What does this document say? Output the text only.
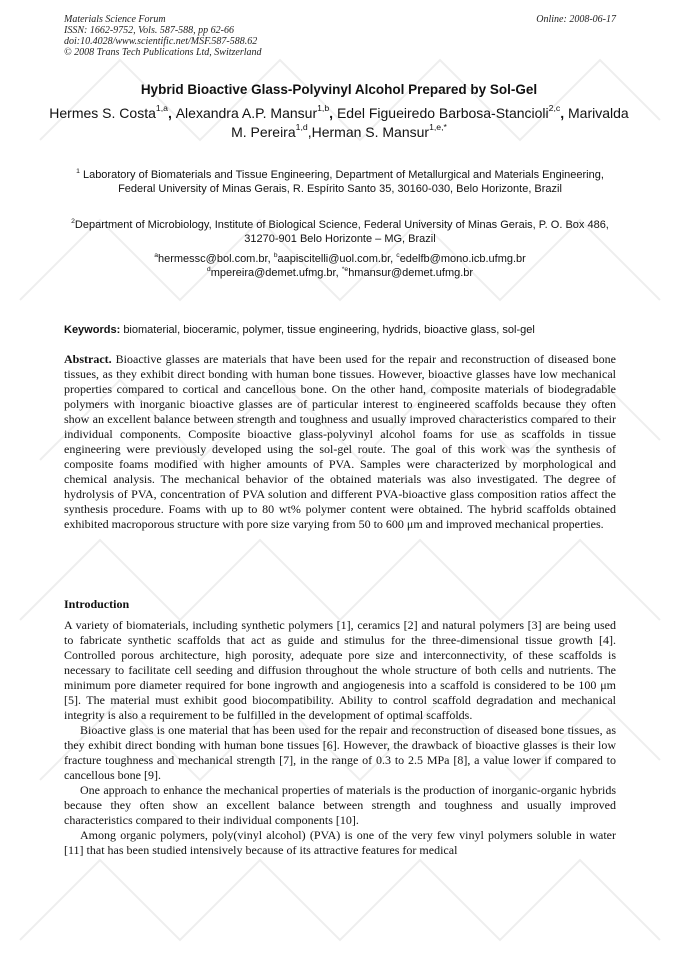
Materials Science Forum
ISSN: 1662-9752, Vols. 587-588, pp 62-66
doi:10.4028/www.scientific.net/MSF.587-588.62
© 2008 Trans Tech Publications Ltd, Switzerland
Online: 2008-06-17
Hybrid Bioactive Glass-Polyvinyl Alcohol Prepared by Sol-Gel
Hermes S. Costa$^{1,a}$, Alexandra A.P. Mansur$^{1,b}$, Edel Figueiredo Barbosa-Stancioli$^{2,c}$, Marivalda M. Pereira$^{1,d}$,Herman S. Mansur$^{1,e,*}$
$^1$ Laboratory of Biomaterials and Tissue Engineering, Department of Metallurgical and Materials Engineering, Federal University of Minas Gerais, R. Espírito Santo 35, 30160-030, Belo Horizonte, Brazil
$^2$Department of Microbiology, Institute of Biological Science, Federal University of Minas Gerais, P. O. Box 486, 31270-901 Belo Horizonte – MG, Brazil
$^a$hermessc@bol.com.br, $^b$aapiscitelli@uol.com.br, $^c$edelfb@mono.icb.ufmg.br
$^d$mpereira@demet.ufmg.br, $^{*e}$hmansur@demet.ufmg.br
Keywords: biomaterial, bioceramic, polymer, tissue engineering, hydrids, bioactive glass, sol-gel
Abstract. Bioactive glasses are materials that have been used for the repair and reconstruction of diseased bone tissues, as they exhibit direct bonding with human bone tissues. However, bioactive glasses have low mechanical properties compared to cortical and cancellous bone. On the other hand, composite materials of biodegradable polymers with inorganic bioactive glasses are of particular interest to engineered scaffolds because they often show an excellent balance between strength and toughness and usually improved characteristics compared to their individual components. Composite bioactive glass-polyvinyl alcohol foams for use as scaffolds in tissue engineering were previously developed using the sol-gel route. The goal of this work was the synthesis of composite foams modified with higher amounts of PVA. Samples were characterized by morphological and chemical analysis. The mechanical behavior of the obtained materials was also investigated. The degree of hydrolysis of PVA, concentration of PVA solution and different PVA-bioactive glass composition ratios affect the synthesis procedure. Foams with up to 80 wt% polymer content were obtained. The hybrid scaffolds obtained exhibited macroporous structure with pore size varying from 50 to 600 μm and improved mechanical properties.
Introduction

A variety of biomaterials, including synthetic polymers [1], ceramics [2] and natural polymers [3] are being used to fabricate synthetic scaffolds that act as guide and stimulus for the three-dimensional tissue growth [4]. Controlled porous architecture, high porosity, adequate pore size and interconnectivity, of these scaffolds is necessary to facilitate cell seeding and diffusion throughout the whole structure of both cells and nutrients. The minimum pore diameter required for bone ingrowth and angiogenesis into a scaffold is considered to be 100 μm [5]. The material must exhibit good biocompatibility. Ability to control scaffold degradation and mechanical integrity is also a requirement to be fulfilled in the development of optimal scaffolds.

Bioactive glass is one material that has been used for the repair and reconstruction of diseased bone tissues, as they exhibit direct bonding with human bone tissues [6]. However, the drawback of bioactive glasses is their low fracture toughness and mechanical strength [7], in the range of 0.3 to 2.5 MPa [8], a value lower if compared to cancellous bone [9].

One approach to enhance the mechanical properties of materials is the production of inorganic-organic hybrids because they often show an excellent balance between strength and toughness and usually improved characteristics compared to their individual components [10].

Among organic polymers, poly(vinyl alcohol) (PVA) is one of the very few vinyl polymers soluble in water [11] that has been studied intensively because of its attractive features for medical
